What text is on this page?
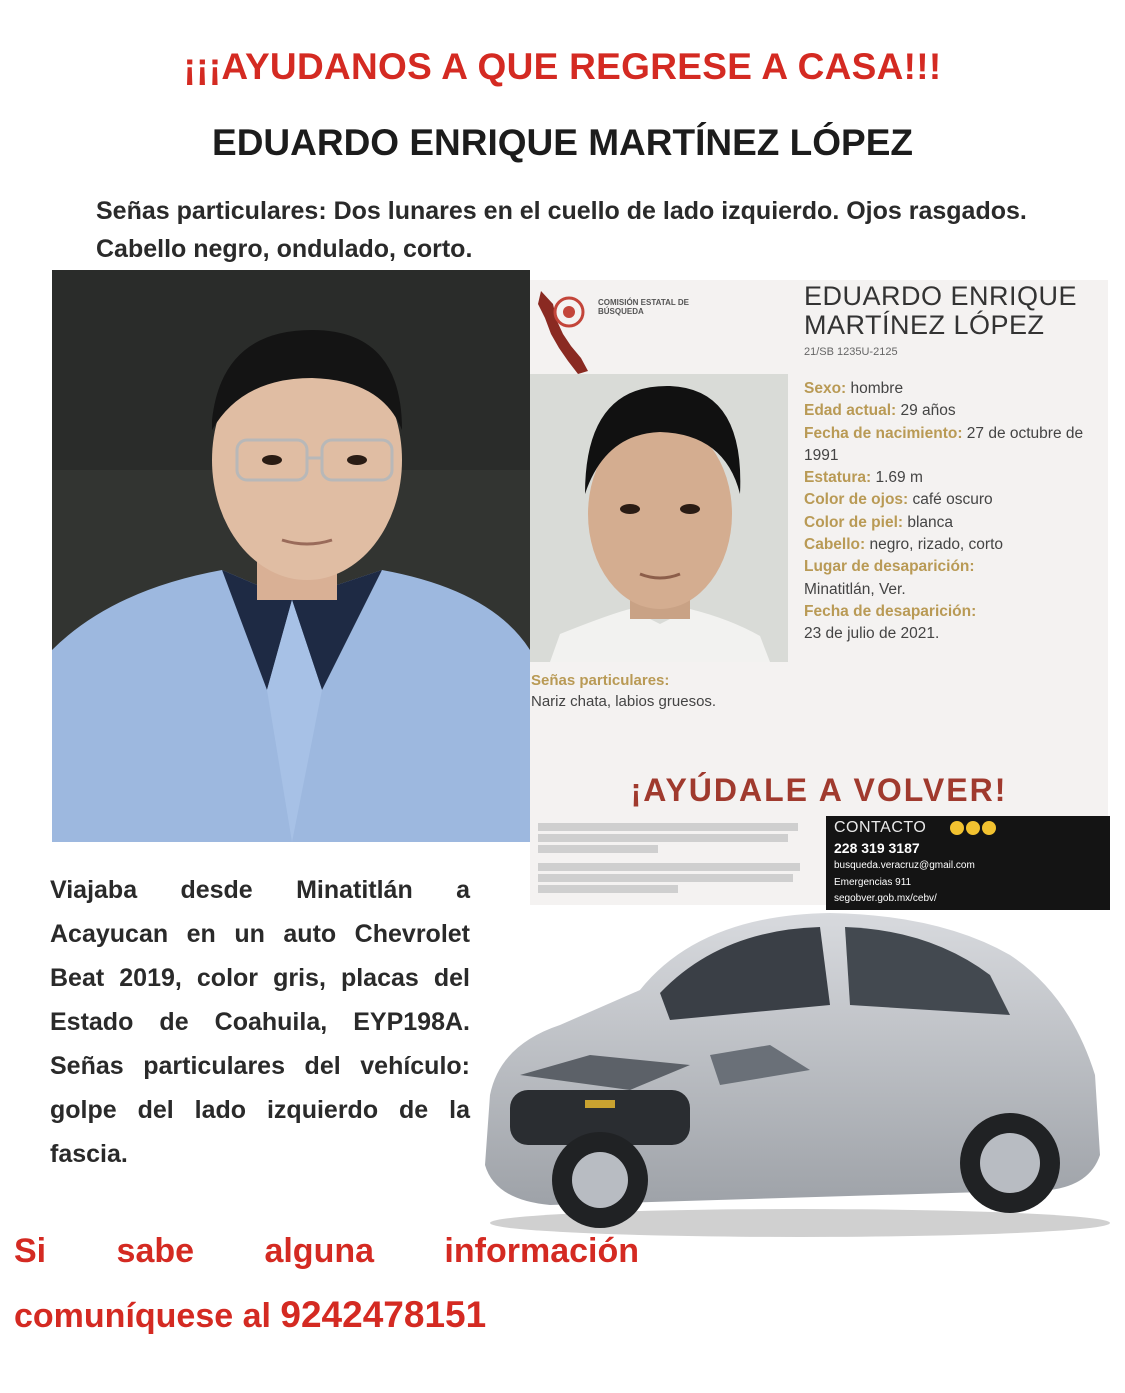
¡¡¡AYUDANOS A QUE REGRESE A CASA!!!
EDUARDO ENRIQUE MARTÍNEZ LÓPEZ
Señas particulares: Dos lunares en el cuello de lado izquierdo. Ojos rasgados. Cabello negro, ondulado, corto.
COMISIÓN ESTATAL DE BÚSQUEDA
EDUARDO ENRIQUE MARTÍNEZ LÓPEZ
21/SB 1235U-2125
Sexo: hombre
Edad actual: 29 años
Fecha de nacimiento: 27 de octubre de 1991
Estatura: 1.69 m
Color de ojos: café oscuro
Color de piel: blanca
Cabello: negro, rizado, corto
Lugar de desaparición:
Minatitlán, Ver.
Fecha de desaparición:
23 de julio de 2021.
Señas particulares:
Nariz chata, labios gruesos.
¡AYÚDALE A VOLVER!
CONTACTO
228 319 3187
busqueda.veracruz@gmail.com
Emergencias 911
segobver.gob.mx/cebv/
Viajaba desde Minatitlán a Acayucan en un auto Chevrolet Beat 2019, color gris, placas del Estado de Coahuila, EYP198A. Señas particulares del vehículo: golpe del lado izquierdo de la fascia.
Si sabe alguna información
comuníquese al 9242478151
